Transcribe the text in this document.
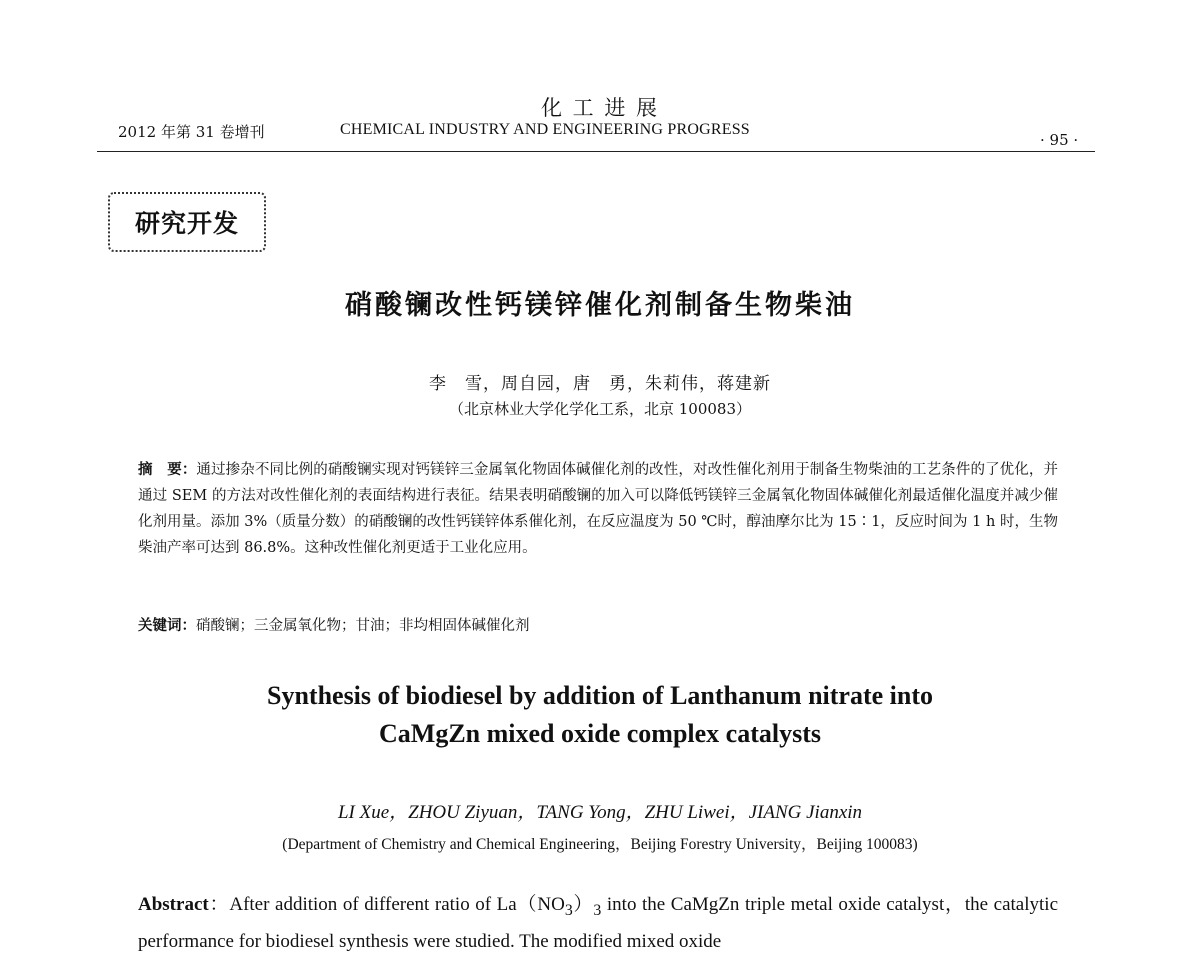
化 工 进 展
2012 年第 31 卷增刊	CHEMICAL INDUSTRY AND ENGINEERING PROGRESS
· 95 ·
研究开发
硝酸镧改性钙镁锌催化剂制备生物柴油
李　雪，周自园，唐　勇，朱莉伟，蒋建新
（北京林业大学化学化工系，北京 100083）
摘　要：通过掺杂不同比例的硝酸镧实现对钙镁锌三金属氧化物固体碱催化剂的改性，对改性催化剂用于制备生物柴油的工艺条件的了优化，并通过 SEM 的方法对改性催化剂的表面结构进行表征。结果表明硝酸镧的加入可以降低钙镁锌三金属氧化物固体碱催化剂最适催化温度并减少催化剂用量。添加 3%（质量分数）的硝酸镧的改性钙镁锌体系催化剂，在反应温度为 50 ℃时，醇油摩尔比为 15∶1，反应时间为 1 h 时，生物柴油产率可达到 86.8%。这种改性催化剂更适于工业化应用。
关键词：硝酸镧；三金属氧化物；甘油；非均相固体碱催化剂
Synthesis of biodiesel by addition of Lanthanum nitrate into
CaMgZn mixed oxide complex catalysts
LI Xue，ZHOU Ziyuan，TANG Yong，ZHU Liwei，JIANG Jianxin
(Department of Chemistry and Chemical Engineering，Beijing Forestry University，Beijing 100083)
Abstract：After addition of different ratio of $La(NO_3)_3$ into the CaMgZn triple metal oxide catalyst，the catalytic performance for biodiesel synthesis were studied. The modified mixed oxide
